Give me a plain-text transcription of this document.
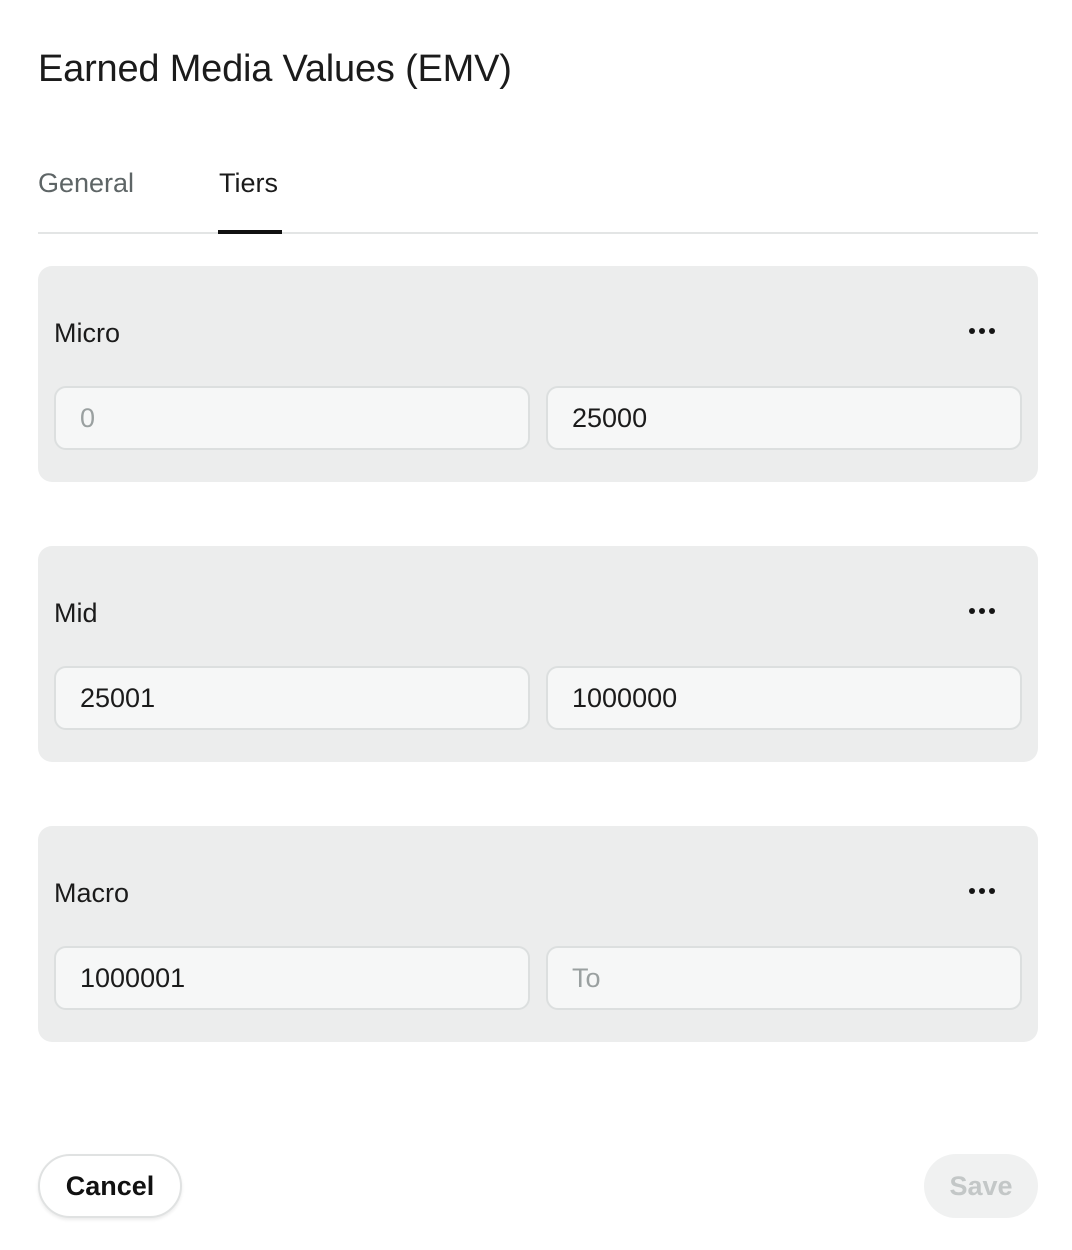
Earned Media Values (EMV)
General	Tiers
Micro
0
25000
Mid
25001
1000000
Macro
1000001
To
Cancel	Save
